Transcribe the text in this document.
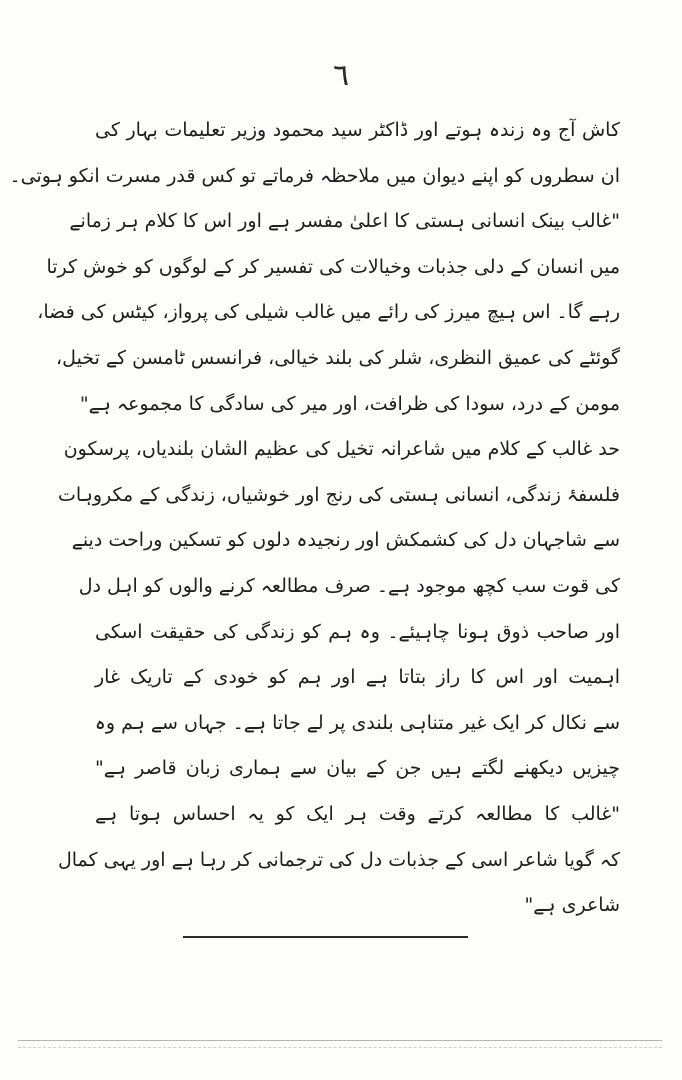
٦
کاش آج وہ زندہ ہوتے اور ڈاکٹر سید محمود وزیر تعلیمات بہار کی
ان سطروں کو اپنے دیوان میں ملاحظہ فرماتے تو کس قدر مسرت انکو ہوتی۔
"غالب بینک انسانی ہستی کا اعلیٰ مفسر ہے اور اس کا کلام ہر زمانے
میں انسان کے دلی جذبات وخیالات کی تفسیر کر کے لوگوں کو خوش کرتا
رہے گا۔ اس ہیچ میرز کی رائے میں غالب شیلی کی پرواز، کیٹس کی فضا،
گوئٹے کی عمیق النظری، شلر کی بلند خیالی، فرانسس ٹامسن کے تخیل،
مومن کے درد، سودا کی ظرافت، اور میر کی سادگی کا مجموعہ ہے"
حد غالب کے کلام میں شاعرانہ تخیل کی عظیم الشان بلندیاں، پرسکون
فلسفۂ زندگی، انسانی ہستی کی رنج اور خوشیاں، زندگی کے مکروہات
سے شاجہان دل کی کشمکش اور رنجیدہ دلوں کو تسکین وراحت دینے
کی قوت سب کچھ موجود ہے۔ صرف مطالعہ کرنے والوں کو اہل دل
اور صاحب ذوق ہونا چاہیئے۔ وہ ہم کو زندگی کی حقیقت اسکی
اہمیت اور اس کا راز بتاتا ہے اور ہم کو خودی کے تاریک غار
سے نکال کر ایک غیر متناہی بلندی پر لے جاتا ہے۔ جہاں سے ہم وہ
چیزیں دیکھنے لگتے ہیں جن کے بیان سے ہماری زبان قاصر ہے"
"غالب کا مطالعہ کرتے وقت ہر ایک کو یہ احساس ہوتا ہے
کہ گویا شاعر اسی کے جذبات دل کی ترجمانی کر رہا ہے اور یہی کمال
شاعری ہے"
